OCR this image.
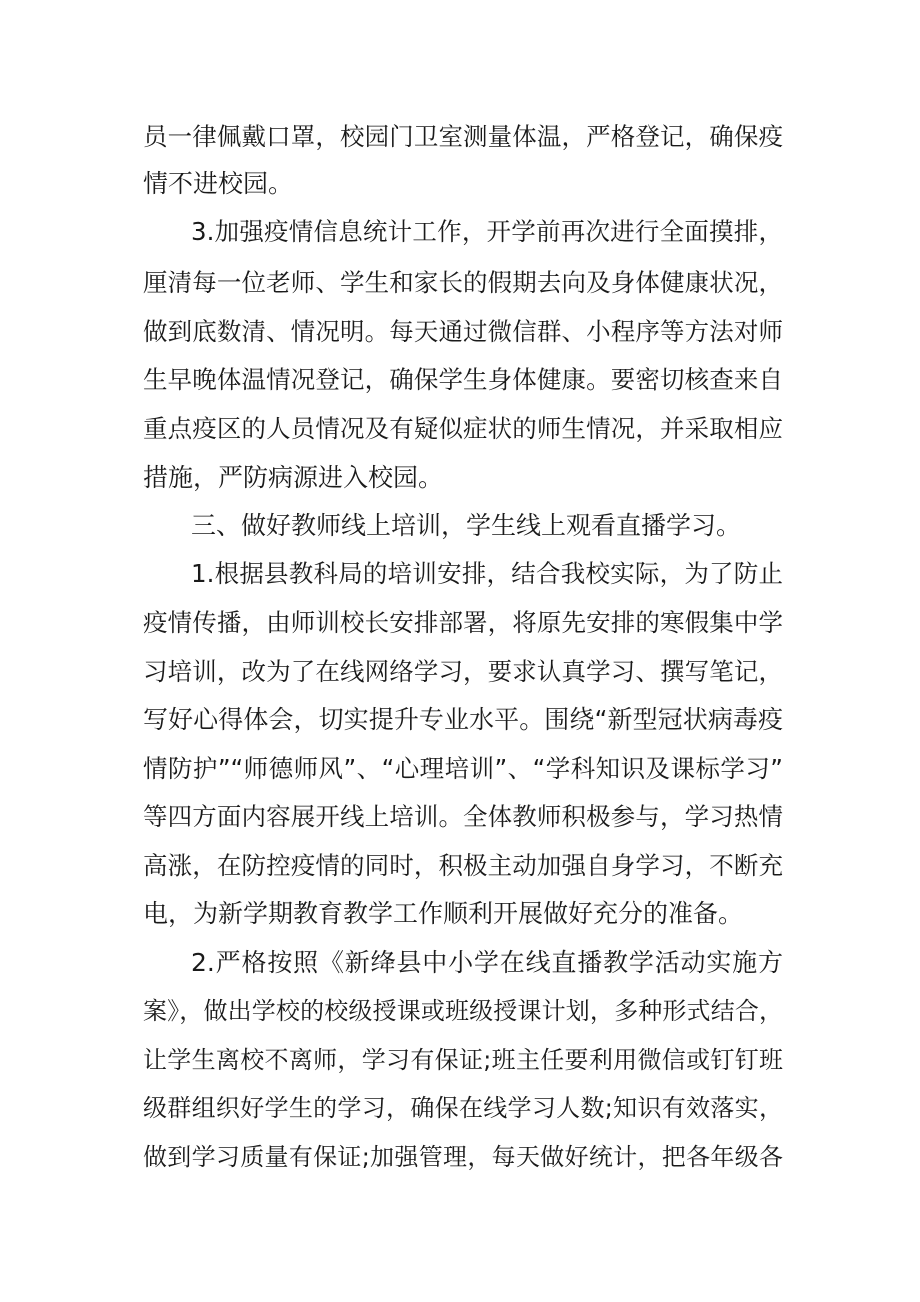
员一律佩戴口罩，校园门卫室测量体温，严格登记，确保疫
情不进校园。
3.加强疫情信息统计工作，开学前再次进行全面摸排，
厘清每一位老师、学生和家长的假期去向及身体健康状况，
做到底数清、情况明。每天通过微信群、小程序等方法对师
生早晚体温情况登记，确保学生身体健康。要密切核查来自
重点疫区的人员情况及有疑似症状的师生情况，并采取相应
措施，严防病源进入校园。
三、做好教师线上培训，学生线上观看直播学习。
1.根据县教科局的培训安排，结合我校实际，为了防止
疫情传播，由师训校长安排部署，将原先安排的寒假集中学
习培训，改为了在线网络学习，要求认真学习、撰写笔记，
写好心得体会，切实提升专业水平。围绕“新型冠状病毒疫
情防护”“师德师风”、“心理培训”、“学科知识及课标学习”
等四方面内容展开线上培训。全体教师积极参与，学习热情
高涨，在防控疫情的同时，积极主动加强自身学习，不断充
电，为新学期教育教学工作顺利开展做好充分的准备。
2.严格按照《新绛县中小学在线直播教学活动实施方
案》，做出学校的校级授课或班级授课计划，多种形式结合，
让学生离校不离师，学习有保证;班主任要利用微信或钉钉班
级群组织好学生的学习，确保在线学习人数;知识有效落实，
做到学习质量有保证;加强管理，每天做好统计，把各年级各
